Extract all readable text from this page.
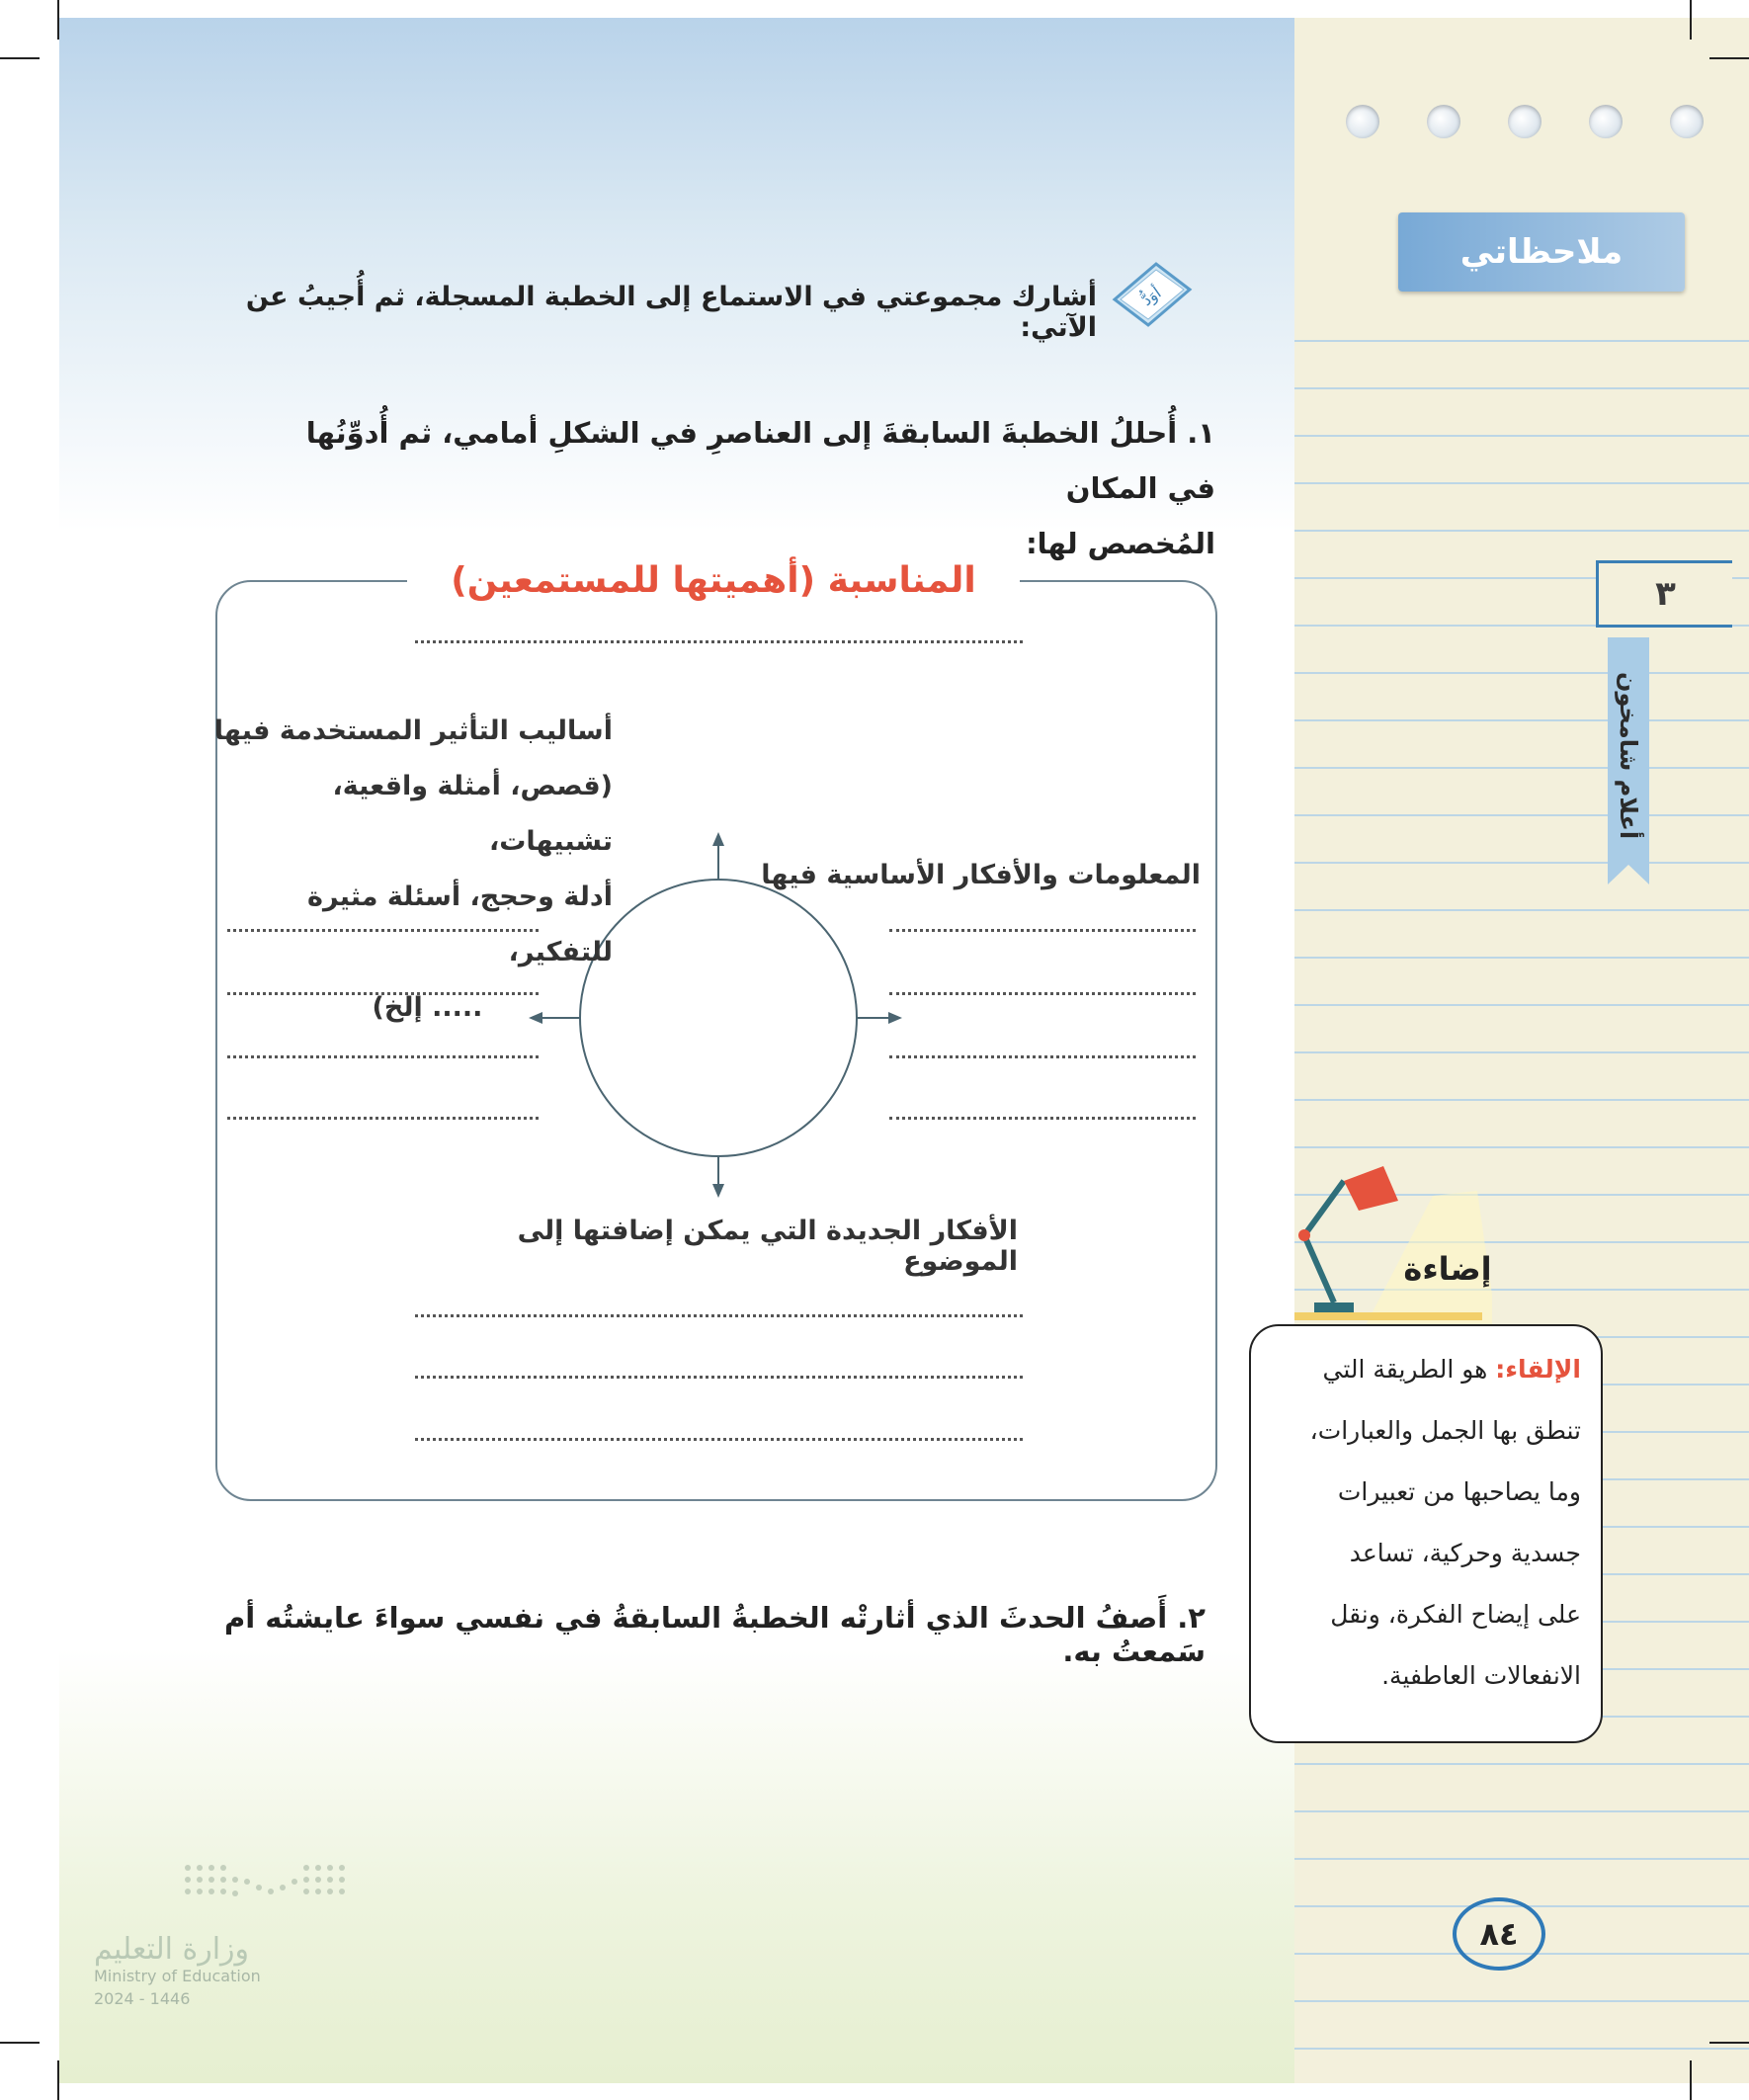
ملاحظاتي
٣
أعلام شامخون
أوَدُّ
أشارك مجموعتي في الاستماع إلى الخطبة المسجلة، ثم أُجيبُ عن الآتي:
١. أُحللُ الخطبةَ السابقةَ إلى العناصرِ في الشكلِ أمامي، ثم أُدوِّنُها في المكان
المُخصص لها:
المناسبة (أهميتها للمستمعين)
المعلومات والأفكار الأساسية فيها
أساليب التأثير المستخدمة فيها
(قصص، أمثلة واقعية، تشبيهات،
أدلة وحجج، أسئلة مثيرة للتفكير،
..... إلخ)
الأفكار الجديدة التي يمكن إضافتها إلى الموضوع
٢. أَصفُ الحدثَ الذي أثارتْه الخطبةُ السابقةُ في نفسي سواءَ عايشتُه أم سَمعتُ به.
إضاءة
الإلقاء: هو الطريقة التي
تنطق بها الجمل والعبارات،
وما يصاحبها من تعبيرات
جسدية وحركية، تساعد
على إيضاح الفكرة، ونقل
الانفعالات العاطفية.
٨٤
وزارة التعليم
Ministry of Education
2024 - 1446
